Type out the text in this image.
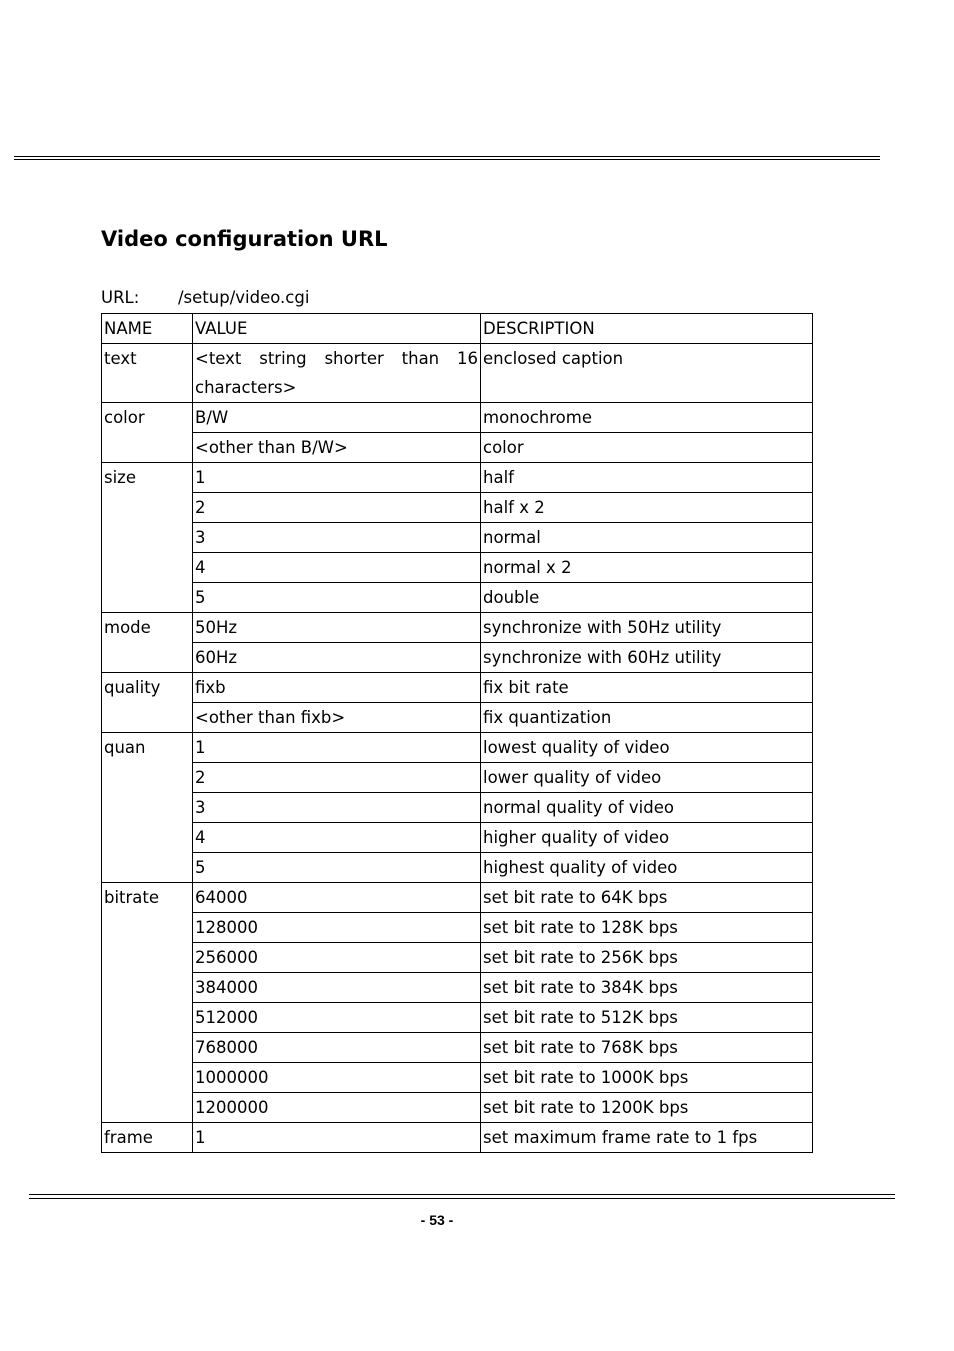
Video configuration URL
URL: /setup/video.cgi
NAME	VALUE	DESCRIPTION
text	<text string shorter than 16 characters>	enclosed caption
color	B/W	monochrome
	<other than B/W>	color
size	1	half
	2	half x 2
	3	normal
	4	normal x 2
	5	double
mode	50Hz	synchronize with 50Hz utility
	60Hz	synchronize with 60Hz utility
quality	fixb	fix bit rate
	<other than fixb>	fix quantization
quan	1	lowest quality of video
	2	lower quality of video
	3	normal quality of video
	4	higher quality of video
	5	highest quality of video
bitrate	64000	set bit rate to 64K bps
	128000	set bit rate to 128K bps
	256000	set bit rate to 256K bps
	384000	set bit rate to 384K bps
	512000	set bit rate to 512K bps
	768000	set bit rate to 768K bps
	1000000	set bit rate to 1000K bps
	1200000	set bit rate to 1200K bps
frame	1	set maximum frame rate to 1 fps
- 53 -
